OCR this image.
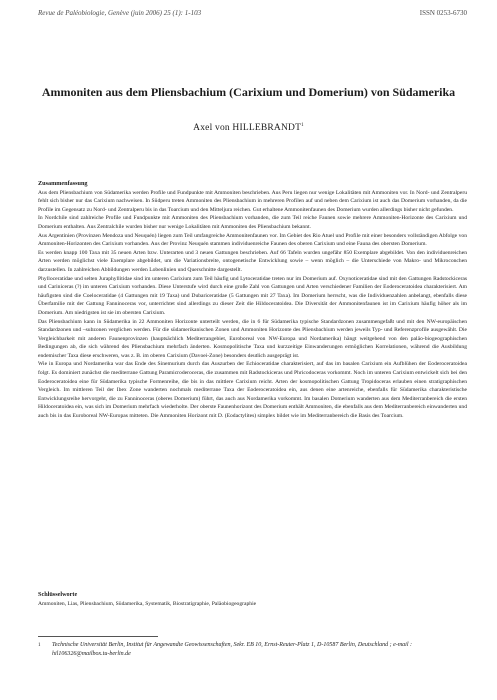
Revue de Paléobiologie, Genève (juin 2006) 25 (1): 1-103	ISSN 0253-6730
Ammoniten aus dem Pliensbachium (Carixium und Domerium) von Südamerika
Axel von HILLEBRANDT$^1$

Zusammenfassung

Aus dem Pliensbachium von Südamerika werden Profile und Fundpunkte mit Ammoniten beschrieben. Aus Peru liegen nur wenige Lokalitäten mit Ammoniten vor. In Nord- und Zentralperu fehlt sich bisher nur das Carixium nachweisen. In Südperu treten Ammoniten des Pliensbachium in mehreren Profilen auf und neben dem Carixium ist auch das Domerium vorhanden, da die Profile im Gegensatz zu Nord- und Zentralperu bis in das Toarcium und den Mitteljura reichen. Gut erhaltene Ammonitenfaunen des Domerium wurden allerdings bisher nicht gefunden.

In Nordchile sind zahlreiche Profile und Fundpunkte mit Ammoniten des Pliensbachium vorhanden, die zum Teil reiche Faunen sowie mehrere Ammoniten-Horizonte des Carixium und Domerium enthalten. Aus Zentralchile wurden bisher nur wenige Lokalitäten mit Ammoniten des Pliensbachium bekannt.

Aus Argentinien (Provinzen Mendoza und Neuquén) liegen zum Teil umfangreiche Ammonitenfaunen vor. Im Gebiet des Rio Atuel und Profile mit einer besonders vollständigen Abfolge von Ammoniten-Horizonten des Carixium vorhanden. Aus der Provinz Neuquén stammen individuenreiche Faunen des oberen Carixium und eine Fauna des obersten Domerium.

Es werden knapp 100 Taxa mit 35 neuen Arten bzw. Unterarten und 3 neuen Gattungen beschrieben. Auf 66 Tafeln wurden ungefähr 850 Exemplare abgebildet. Von den individuenreichen Arten werden möglichst viele Exemplare abgebildet, um die Variationsbreite, ontogenetische Entwicklung sowie – wenn möglich – die Unterschiede von Makro- und Mikroconchen darzustellen. In zahlreichen Abbildungen werden Lobenlinien und Querschnitte dargestellt.

Phylloceratidae und selten Juraphyllitidae sind im unteren Carixium zum Teil häufig und Lytoceratidae treten nur im Domerium auf. Oxynoticeratidae sind mit den Gattungen Radstockiceras und Cariniceras (?) im unteren Carixium vorhanden. Diese Unterstufe wird durch eine große Zahl von Gattungen und Arten verschiedener Familien der Eoderoceratoidea charakterisiert. Am häufigsten sind die Coeloceratidae (4 Gattungen mit 19 Taxa) und Dubariceratidae (5 Gattungen mit 27 Taxa). Im Domerium herrscht, was die Individuenzahlen anbelangt, ebenfalls diese Überfamilie mit der Gattung Fanninoceras vor, unterrichtet sind allerdings zu dieser Zeit die Hildoceratoidea. Die Diversität der Ammonitenfaunen ist im Carixium häufig höher als im Domerium. Am niedrigsten ist sie im obersten Carixium.

Das Pliensbachium kann in Südamerika in 22 Ammoniten Horizonte unterteilt werden, die in 6 für Südamerika typische Standardzonen zusammengefaßt und mit den NW-europäischen Standardzonen und –subzonen verglichen werden. Für die südamerikanischen Zonen und Ammoniten Horizonte des Pliensbachium werden jeweils Typ- und Referenzprofile ausgewählt. Die Vergleichbarkeit mit anderen Faunenprovinzen (hauptsächlich Mediterrangebiet, Euroboreal von NW-Europa und Nordamerika) hängt weitgehend von den paläo-biogeographischen Bedingungen ab, die sich während des Pliensbachium mehrfach änderten. Kosmopolitische Taxa und kurzzeitige Einwanderungen ermöglichen Korrelationen, während die Ausbildung endemischer Taxa diese erschweren, was z. B. im oberen Carixium (Davoei-Zone) besonders deutlich ausgeprägt ist.

Wie in Europa und Nordamerika war das Ende des Sinemurium durch das Auszurben der Echioceratidae charakterisiert, auf das im basalen Carixium ein Aufblühen der Eoderoceratoidea folgt. Es dominiert zunächst die mediterrane Gattung Paramicroderoceras, die zusammen mit Radstockiceras und Phricodoceras vorkommt. Noch im unteren Carixium entwickelt sich bei den Eoderoceratoidea eine für Südamerika typische Formenreihe, die bis in das mittlere Carixium reicht. Arten der kosmopolitischen Gattung Tropidoceras erlauben einen stratigraphischen Vergleich. Im mittleren Teil der Ibex Zone wanderten nochmals mediterrane Taxa der Eoderoceratoidea ein, aus denen eine artenreiche, ebenfalls für Südamerika charakteristische Entwicklungsreihe hervorgeht, die zu Fanninoceras (oberes Domerium) führt, das auch aus Nordamerika vorkommt. Im basalen Domerium wanderten aus dem Mediterranbereich die ersten Hildoceratoidea ein, was sich im Domerium mehrfach wiederholte. Der oberste Faunenhorizont des Domerium enthält Ammoniten, die ebenfalls aus dem Mediterranbereich einwanderten und auch bis in das Euroboreal NW-Europas mitteten. Die Ammoniten Horizont mit D. (Eodactylites) simplex bildet wie im Mediterranbereich die Basis des Toarcium.

Schlüsselworte
Ammoniten, Lias, Pliensbachium, Südamerika, Systematik, Biostratigraphie, Paläobiogeographie
1	Technische Universität Berlin, Institut für Angewandte Geowissenschaften, Sekr. EB 10, Ernst-Reuter-Platz 1, D-10587 Berlin, Deutschland ; e-mail : hil106326@mailbox.tu-berlin.de
